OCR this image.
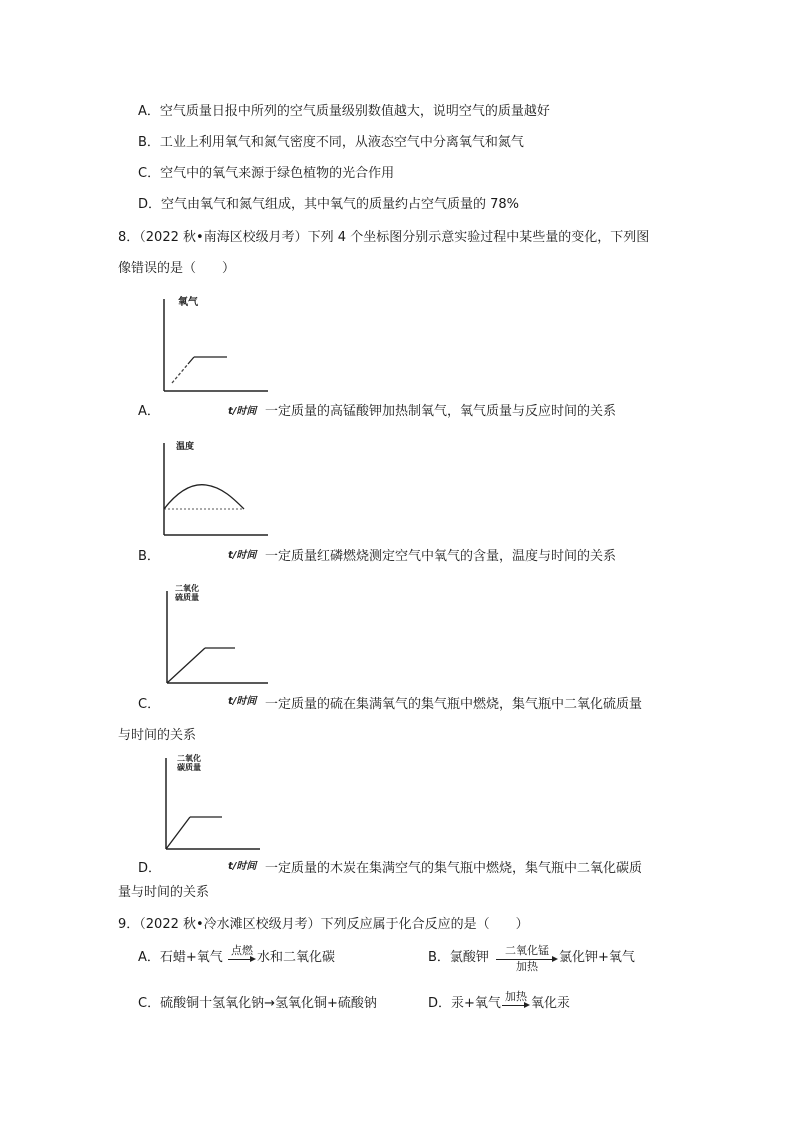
A．空气质量日报中所列的空气质量级别数值越大，说明空气的质量越好
B．工业上利用氧气和氮气密度不同，从液态空气中分离氧气和氮气
C．空气中的氧气来源于绿色植物的光合作用
D．空气由氧气和氮气组成，其中氧气的质量约占空气质量的 78%
8．（2022 秋•南海区校级月考）下列 4 个坐标图分别示意实验过程中某些量的变化，下列图
像错误的是（　　）
氧气
A．	t/时间 一定质量的高锰酸钾加热制氧气，氧气质量与反应时间的关系
温度
B．	t/时间 一定质量红磷燃烧测定空气中氧气的含量，温度与时间的关系
二氧化
硫质量
C．	t/时间 一定质量的硫在集满氧气的集气瓶中燃烧，集气瓶中二氧化硫质量
与时间的关系
二氧化
碳质量
D．	t/时间 一定质量的木炭在集满空气的集气瓶中燃烧，集气瓶中二氧化碳质
量与时间的关系
9．（2022 秋•冷水滩区校级月考）下列反应属于化合反应的是（　　）
A．石蜡+氧气 点燃 水和二氧化碳	B．氯酸钾	二氧化锰
加热
氯化钾+氧气
C．硫酸铜十氢氧化钠→氢氧化铜+硫酸钠	D．汞+氧气 加热 氧化汞
